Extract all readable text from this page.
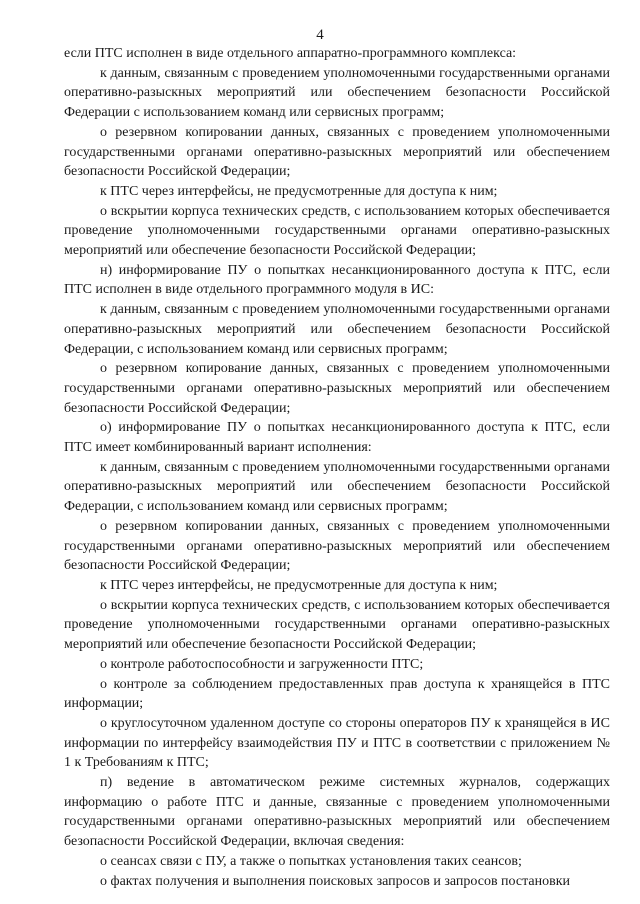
4

если ПТС исполнен в виде отдельного аппаратно-программного комплекса:

к данным, связанным с проведением уполномоченными государственными органами оперативно-разыскных мероприятий или обеспечением безопасности Российской Федерации с использованием команд или сервисных программ;

о резервном копировании данных, связанных с проведением уполномоченными государственными органами оперативно-разыскных мероприятий или обеспечением безопасности Российской Федерации;

к ПТС через интерфейсы, не предусмотренные для доступа к ним;

о вскрытии корпуса технических средств, с использованием которых обеспечивается проведение уполномоченными государственными органами оперативно-разыскных мероприятий или обеспечение безопасности Российской Федерации;

н) информирование ПУ о попытках несанкционированного доступа к ПТС, если ПТС исполнен в виде отдельного программного модуля в ИС:

к данным, связанным с проведением уполномоченными государственными органами оперативно-разыскных мероприятий или обеспечением безопасности Российской Федерации, с использованием команд или сервисных программ;

о резервном копирование данных, связанных с проведением уполномоченными государственными органами оперативно-разыскных мероприятий или обеспечением безопасности Российской Федерации;

о) информирование ПУ о попытках несанкционированного доступа к ПТС, если ПТС имеет комбинированный вариант исполнения:

к данным, связанным с проведением уполномоченными государственными органами оперативно-разыскных мероприятий или обеспечением безопасности Российской Федерации, с использованием команд или сервисных программ;

о резервном копировании данных, связанных с проведением уполномоченными государственными органами оперативно-разыскных мероприятий или обеспечением безопасности Российской Федерации;

к ПТС через интерфейсы, не предусмотренные для доступа к ним;

о вскрытии корпуса технических средств, с использованием которых обеспечивается проведение уполномоченными государственными органами оперативно-разыскных мероприятий или обеспечение безопасности Российской Федерации;

о контроле работоспособности и загруженности ПТС;

о контроле за соблюдением предоставленных прав доступа к хранящейся в ПТС информации;

о круглосуточном удаленном доступе со стороны операторов ПУ к хранящейся в ИС информации по интерфейсу взаимодействия ПУ и ПТС в соответствии с приложением № 1 к Требованиям к ПТС;

п) ведение в автоматическом режиме системных журналов, содержащих информацию о работе ПТС и данные, связанные с проведением уполномоченными государственными органами оперативно-разыскных мероприятий или обеспечением безопасности Российской Федерации, включая сведения:

о сеансах связи с ПУ, а также о попытках установления таких сеансов;

о фактах получения и выполнения поисковых запросов и запросов постановки
